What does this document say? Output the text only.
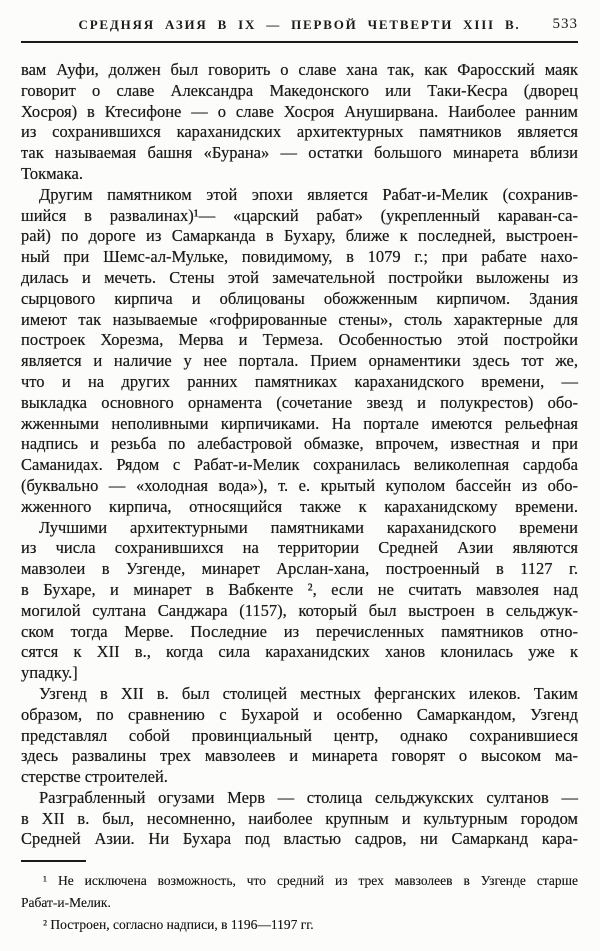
СРЕДНЯЯ АЗИЯ В IX — ПЕРВОЙ ЧЕТВЕРТИ XIII В.	533
вам Ауфи, должен был говорить о славе хана так, как Фаросский маяк
говорит о славе Александра Македонского или Таки-Кесра (дворец
Хосроя) в Ктесифоне — о славе Хосроя Ануширвана. Наиболее ранним
из сохранившихся караханидских архитектурных памятников является
так называемая башня «Бурана» — остатки большого минарета вблизи
Токмака.
Другим памятником этой эпохи является Рабат-и-Мелик (сохранив-
шийся в развалинах)¹— «царский рабат» (укрепленный караван-са-
рай) по дороге из Самарканда в Бухару, ближе к последней, выстроен-
ный при Шемс-ал-Мульке, повидимому, в 1079 г.; при рабате нахо-
дилась и мечеть. Стены этой замечательной постройки выложены из
сырцового кирпича и облицованы обожженным кирпичом. Здания
имеют так называемые «гофрированные стены», столь характерные для
построек Хорезма, Мерва и Термеза. Особенностью этой постройки
является и наличие у нее портала. Прием орнаментики здесь тот же,
что и на других ранних памятниках караханидского времени, —
выкладка основного орнамента (сочетание звезд и полукрестов) обо-
жженными неполивными кирпичиками. На портале имеются рельефная
надпись и резьба по алебастровой обмазке, впрочем, известная и при
Саманидах. Рядом с Рабат-и-Мелик сохранилась великолепная сардоба
(буквально — «холодная вода»), т. е. крытый куполом бассейн из обо-
жженного кирпича, относящийся также к караханидскому времени.
Лучшими архитектурными памятниками караханидского времени
из числа сохранившихся на территории Средней Азии являются
мавзолеи в Узгенде, минарет Арслан-хана, построенный в 1127 г.
в Бухаре, и минарет в Вабкенте ², если не считать мавзолея над
могилой султана Санджара (1157), который был выстроен в сельджук-
ском тогда Мерве. Последние из перечисленных памятников отно-
сятся к XII в., когда сила караханидских ханов клонилась уже к
упадку.]
Узгенд в XII в. был столицей местных ферганских илеков. Таким
образом, по сравнению с Бухарой и особенно Самаркандом, Узгенд
представлял собой провинциальный центр, однако сохранившиеся
здесь развалины трех мавзолеев и минарета говорят о высоком ма-
стерстве строителей.
Разграбленный огузами Мерв — столица сельджукских султанов —
в XII в. был, несомненно, наиболее крупным и культурным городом
Средней Азии. Ни Бухара под властью садров, ни Самарканд кара-
¹ Не исключена возможность, что средний из трех мавзолеев в Узгенде старше
Рабат-и-Мелик.
² Построен, согласно надписи, в 1196—1197 гг.
